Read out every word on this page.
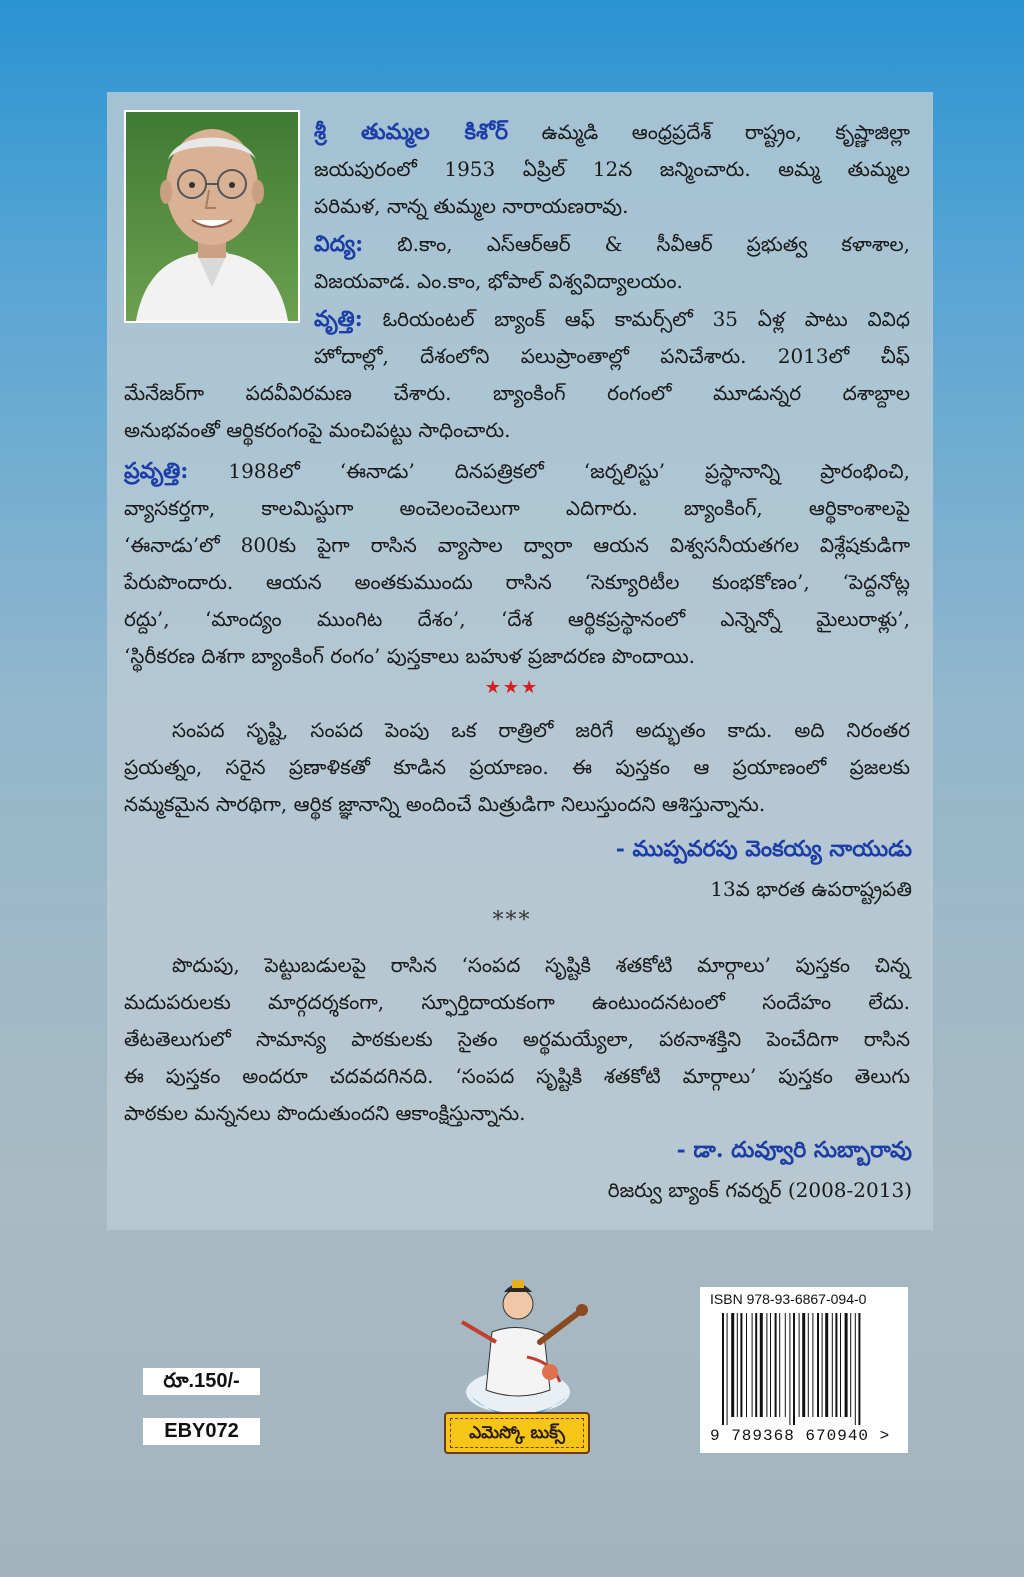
శ్రీ తుమ్మల కిశోర్ ఉమ్మడి ఆంధ్రప్రదేశ్ రాష్ట్రం, కృష్ణాజిల్లా
జయపురంలో 1953 ఏప్రిల్ 12న జన్మించారు. అమ్మ తుమ్మల
పరిమళ, నాన్న తుమ్మల నారాయణరావు.
విద్య: బి.కాం, ఎస్ఆర్ఆర్ & సీవీఆర్ ప్రభుత్వ కళాశాల,
విజయవాడ. ఎం.కాం, భోపాల్ విశ్వవిద్యాలయం.
వృత్తి: ఓరియంటల్ బ్యాంక్ ఆఫ్ కామర్స్‌లో 35 ఏళ్ల పాటు వివిధ
హోదాల్లో, దేశంలోని పలుప్రాంతాల్లో పనిచేశారు. 2013లో చీఫ్
మేనేజర్‌గా పదవీవిరమణ చేశారు. బ్యాంకింగ్ రంగంలో మూడున్నర దశాబ్దాల
అనుభవంతో ఆర్థికరంగంపై మంచిపట్టు సాధించారు.
ప్రవృత్తి: 1988లో ‘ఈనాడు’ దినపత్రికలో ‘జర్నలిస్టు’ ప్రస్థానాన్ని ప్రారంభించి,
వ్యాసకర్తగా, కాలమిస్టుగా అంచెలంచెలుగా ఎదిగారు. బ్యాంకింగ్, ఆర్థికాంశాలపై
‘ఈనాడు’లో 800కు పైగా రాసిన వ్యాసాల ద్వారా ఆయన విశ్వసనీయతగల విశ్లేషకుడిగా
పేరుపొందారు. ఆయన అంతకుముందు రాసిన ‘సెక్యూరిటీల కుంభకోణం’, ‘పెద్దనోట్ల
రద్దు’, ‘మాంద్యం ముంగిట దేశం’, ‘దేశ ఆర్థికప్రస్థానంలో ఎన్నెన్నో మైలురాళ్లు’,
‘స్థిరీకరణ దిశగా బ్యాంకింగ్ రంగం’ పుస్తకాలు బహుళ ప్రజాదరణ పొందాయి.
★★★
సంపద సృష్టి, సంపద పెంపు ఒక రాత్రిలో జరిగే అద్భుతం కాదు. అది నిరంతర
ప్రయత్నం, సరైన ప్రణాళికతో కూడిన ప్రయాణం. ఈ పుస్తకం ఆ ప్రయాణంలో ప్రజలకు
నమ్మకమైన సారథిగా, ఆర్థిక జ్ఞానాన్ని అందించే మిత్రుడిగా నిలుస్తుందని ఆశిస్తున్నాను.
- ముప్పవరపు వెంకయ్య నాయుడు
13వ భారత ఉపరాష్ట్రపతి
***
పొదుపు, పెట్టుబడులపై రాసిన ‘సంపద సృష్టికి శతకోటి మార్గాలు’ పుస్తకం చిన్న
మదుపరులకు మార్గదర్శకంగా, స్ఫూర్తిదాయకంగా ఉంటుందనటంలో సందేహం లేదు.
తేటతెలుగులో సామాన్య పాఠకులకు సైతం అర్థమయ్యేలా, పఠనాశక్తిని పెంచేదిగా రాసిన
ఈ పుస్తకం అందరూ చదవదగినది. ‘సంపద సృష్టికి శతకోటి మార్గాలు’ పుస్తకం తెలుగు
పాఠకుల మన్ననలు పొందుతుందని ఆకాంక్షిస్తున్నాను.
- డా. దువ్వూరి సుబ్బారావు
రిజర్వు బ్యాంక్ గవర్నర్ (2008-2013)
రూ.150/-
EBY072	ఎమెస్కో బుక్స్
ISBN 978-93-6867-094-0
9 789368 670940 >
